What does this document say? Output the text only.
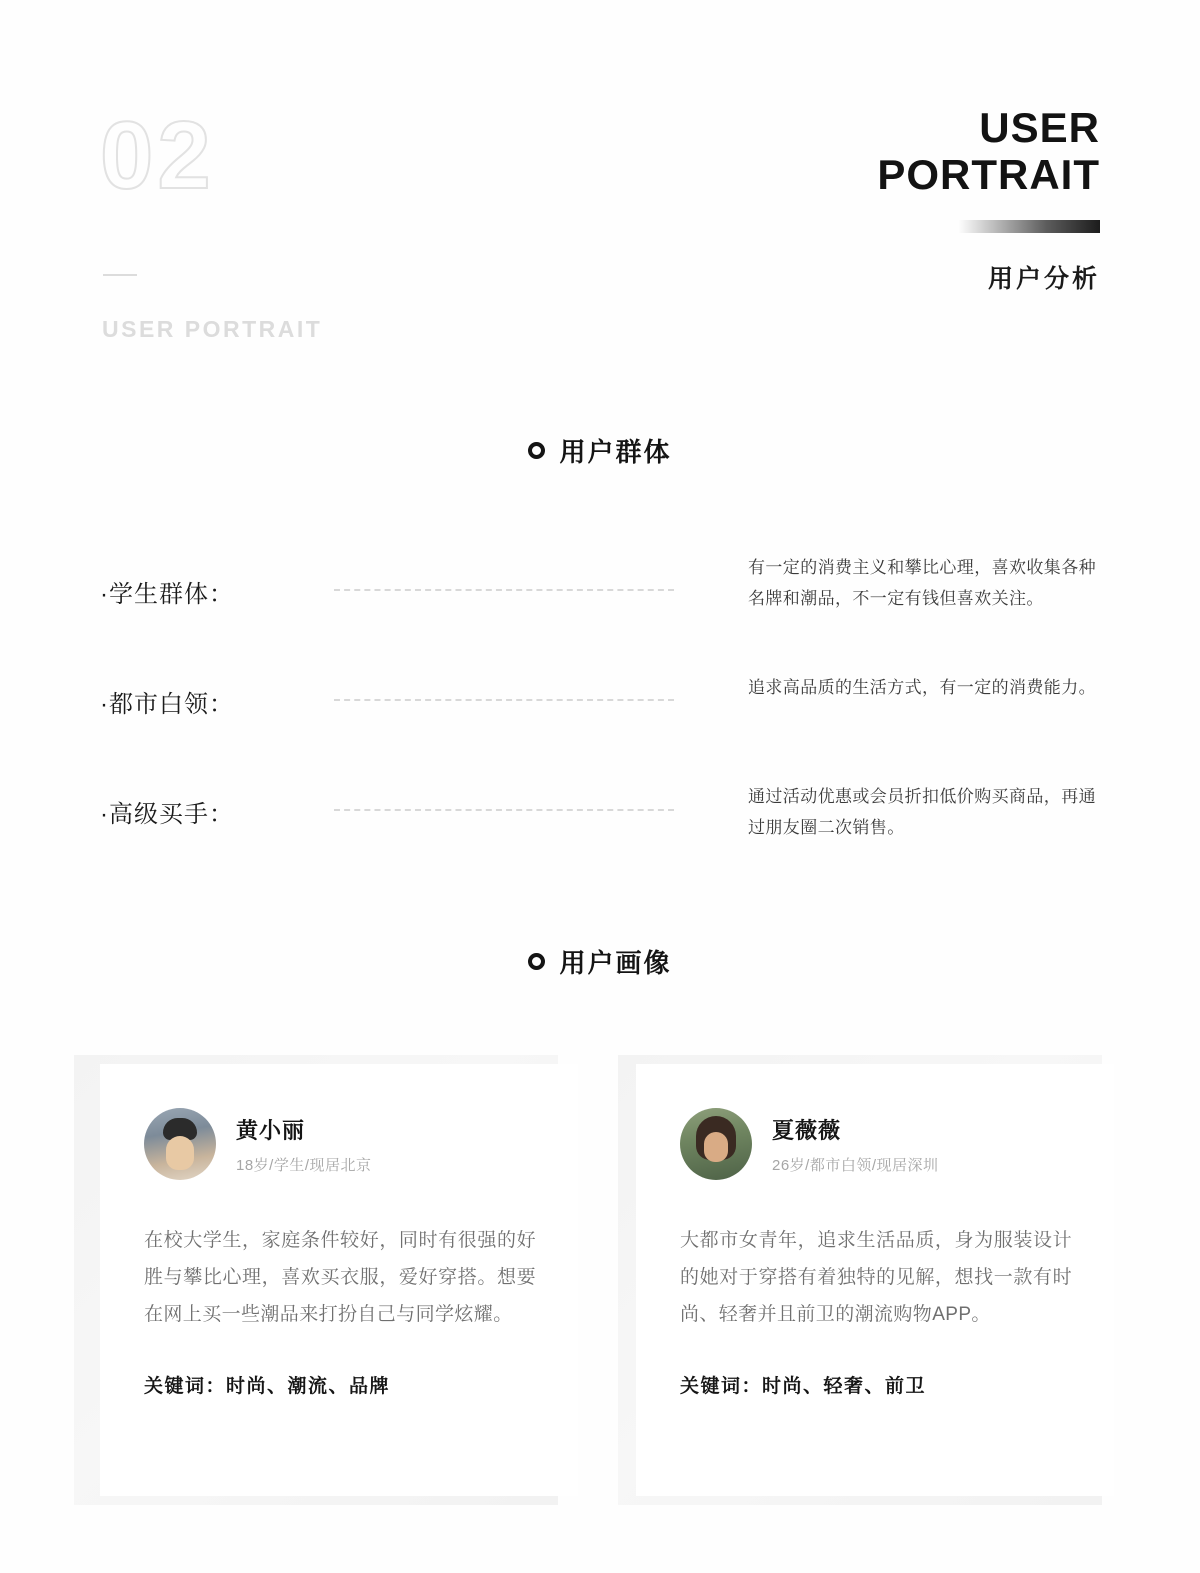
02
USER PORTRAIT
USER
PORTRAIT
用户分析
用户群体
·学生群体：
有一定的消费主义和攀比心理，喜欢收集各种名牌和潮品，不一定有钱但喜欢关注。
·都市白领：
追求高品质的生活方式，有一定的消费能力。
·高级买手：
通过活动优惠或会员折扣低价购买商品，再通过朋友圈二次销售。
用户画像
黄小丽
18岁/学生/现居北京
在校大学生，家庭条件较好，同时有很强的好胜与攀比心理，喜欢买衣服，爱好穿搭。想要在网上买一些潮品来打扮自己与同学炫耀。
关键词：时尚、潮流、品牌
夏薇薇
26岁/都市白领/现居深圳
大都市女青年，追求生活品质，身为服装设计的她对于穿搭有着独特的见解，想找一款有时尚、轻奢并且前卫的潮流购物APP。
关键词：时尚、轻奢、前卫
